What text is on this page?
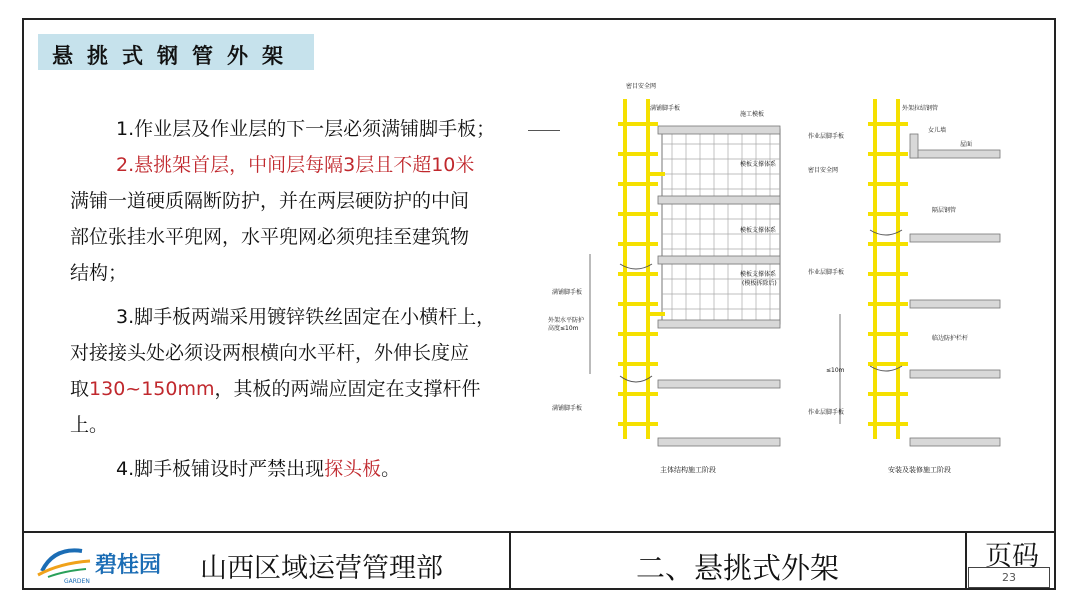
悬挑式钢管外架
1.作业层及作业层的下一层必须满铺脚手板；
2.悬挑架首层，中间层每隔3层且不超10米
满铺一道硬质隔断防护，并在两层硬防护的中间
部位张挂水平兜网，水平兜网必须兜挂至建筑物
结构；
3.脚手板两端采用镀锌铁丝固定在小横杆上，
对接接头处必须设两根横向水平杆，外伸长度应
取130~150mm，其板的两端应固定在支撑杆件
上。
4.脚手板铺设时严禁出现探头板。
密目安全网
满铺脚手板
施工模板
模板支撑体系
模板支撑体系
模板支撑体系
(模板拆除后)
满铺脚手板
外架水平防护
高度≤10m
满铺脚手板
主体结构施工阶段
外架拉结钢管
作业层脚手板
女儿墙
屋面
密目安全网
隔层钢管
作业层脚手板
临边防护栏杆
≤10m
作业层脚手板
安装及装修施工阶段
GARDEN
碧桂园 山西区域运营管理部	二、悬挑式外架	页码
23
